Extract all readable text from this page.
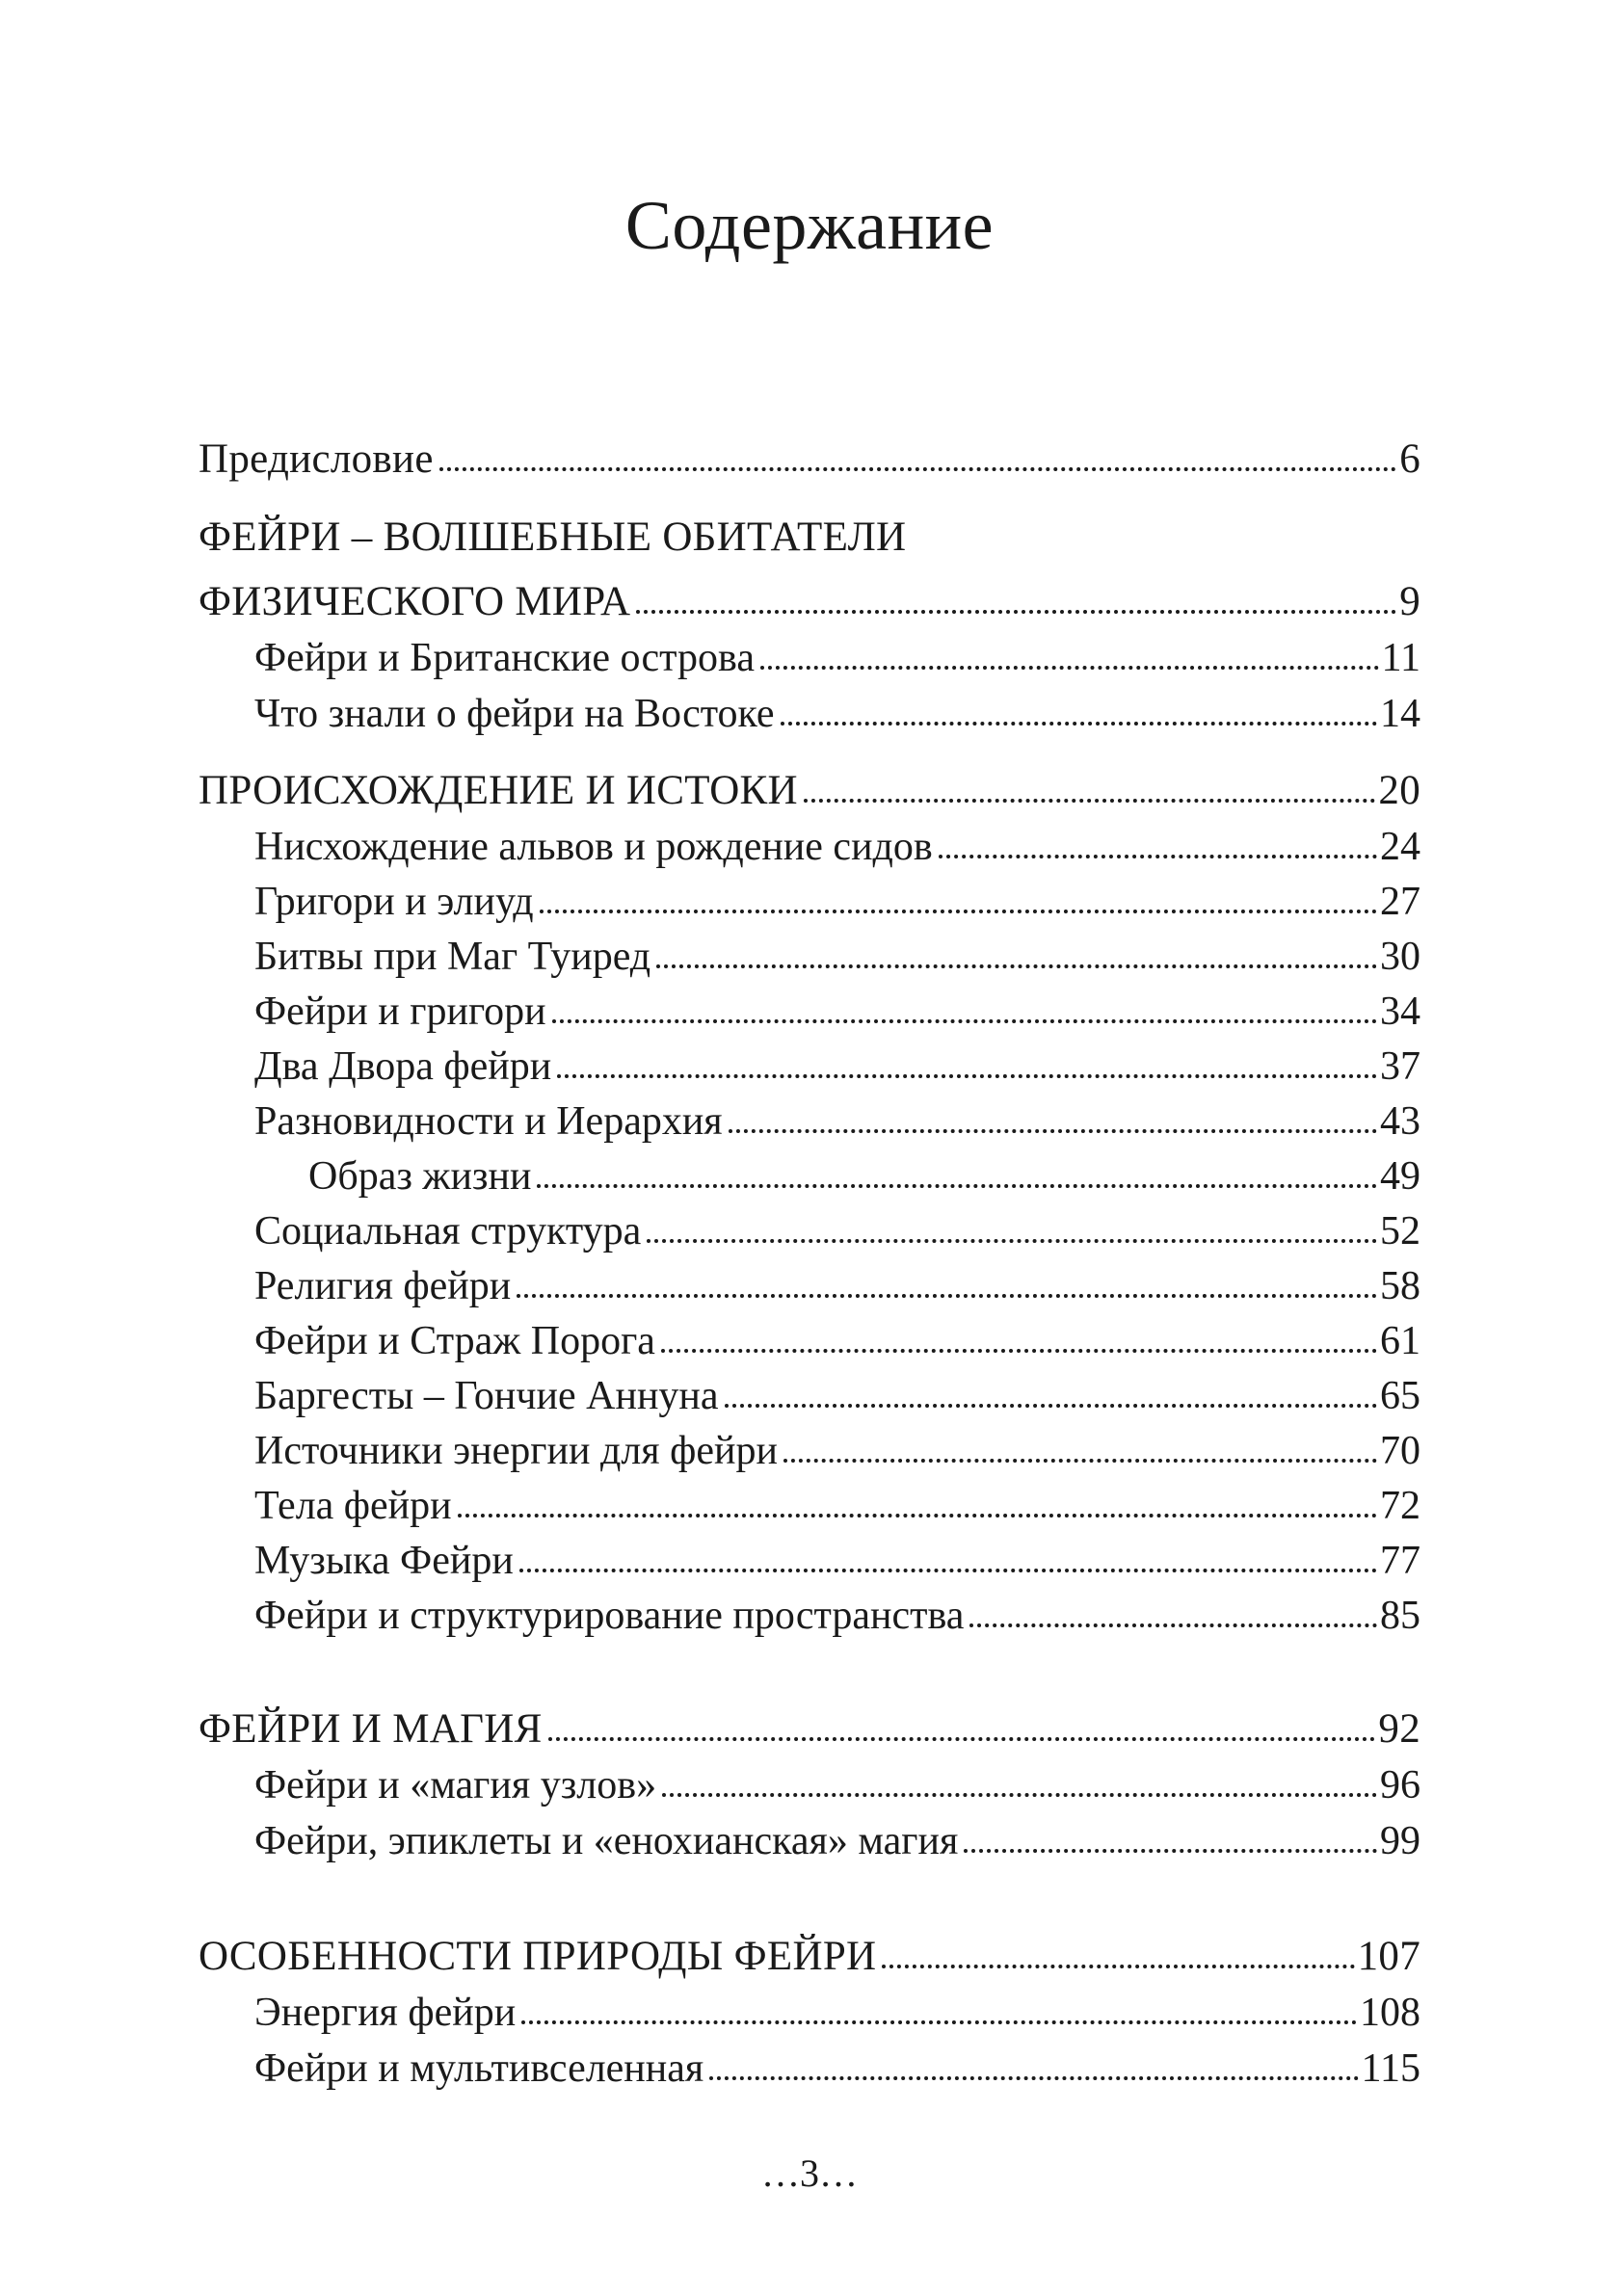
Содержание
Предисловие	6
ФЕЙРИ – ВОЛШЕБНЫЕ ОБИТАТЕЛИ
ФИЗИЧЕСКОГО МИРА	9
Фейри и Британские острова	11
Что знали о фейри на Востоке	14
ПРОИСХОЖДЕНИЕ И ИСТОКИ	20
Нисхождение альвов и рождение сидов	24
Григори и элиуд	27
Битвы при Маг Туиред	30
Фейри и григори	34
Два Двора фейри	37
Разновидности и Иерархия	43
Образ жизни	49
Социальная структура	52
Религия фейри	58
Фейри и Страж Порога	61
Баргесты – Гончие Аннуна	65
Источники энергии для фейри	70
Тела фейри	72
Музыка Фейри	77
Фейри и структурирование пространства	85
ФЕЙРИ И МАГИЯ	92
Фейри и «магия узлов»	96
Фейри, эпиклеты и «енохианская» магия	99
ОСОБЕННОСТИ ПРИРОДЫ ФЕЙРИ	107
Энергия фейри	108
Фейри и мультивселенная	115
…3…
